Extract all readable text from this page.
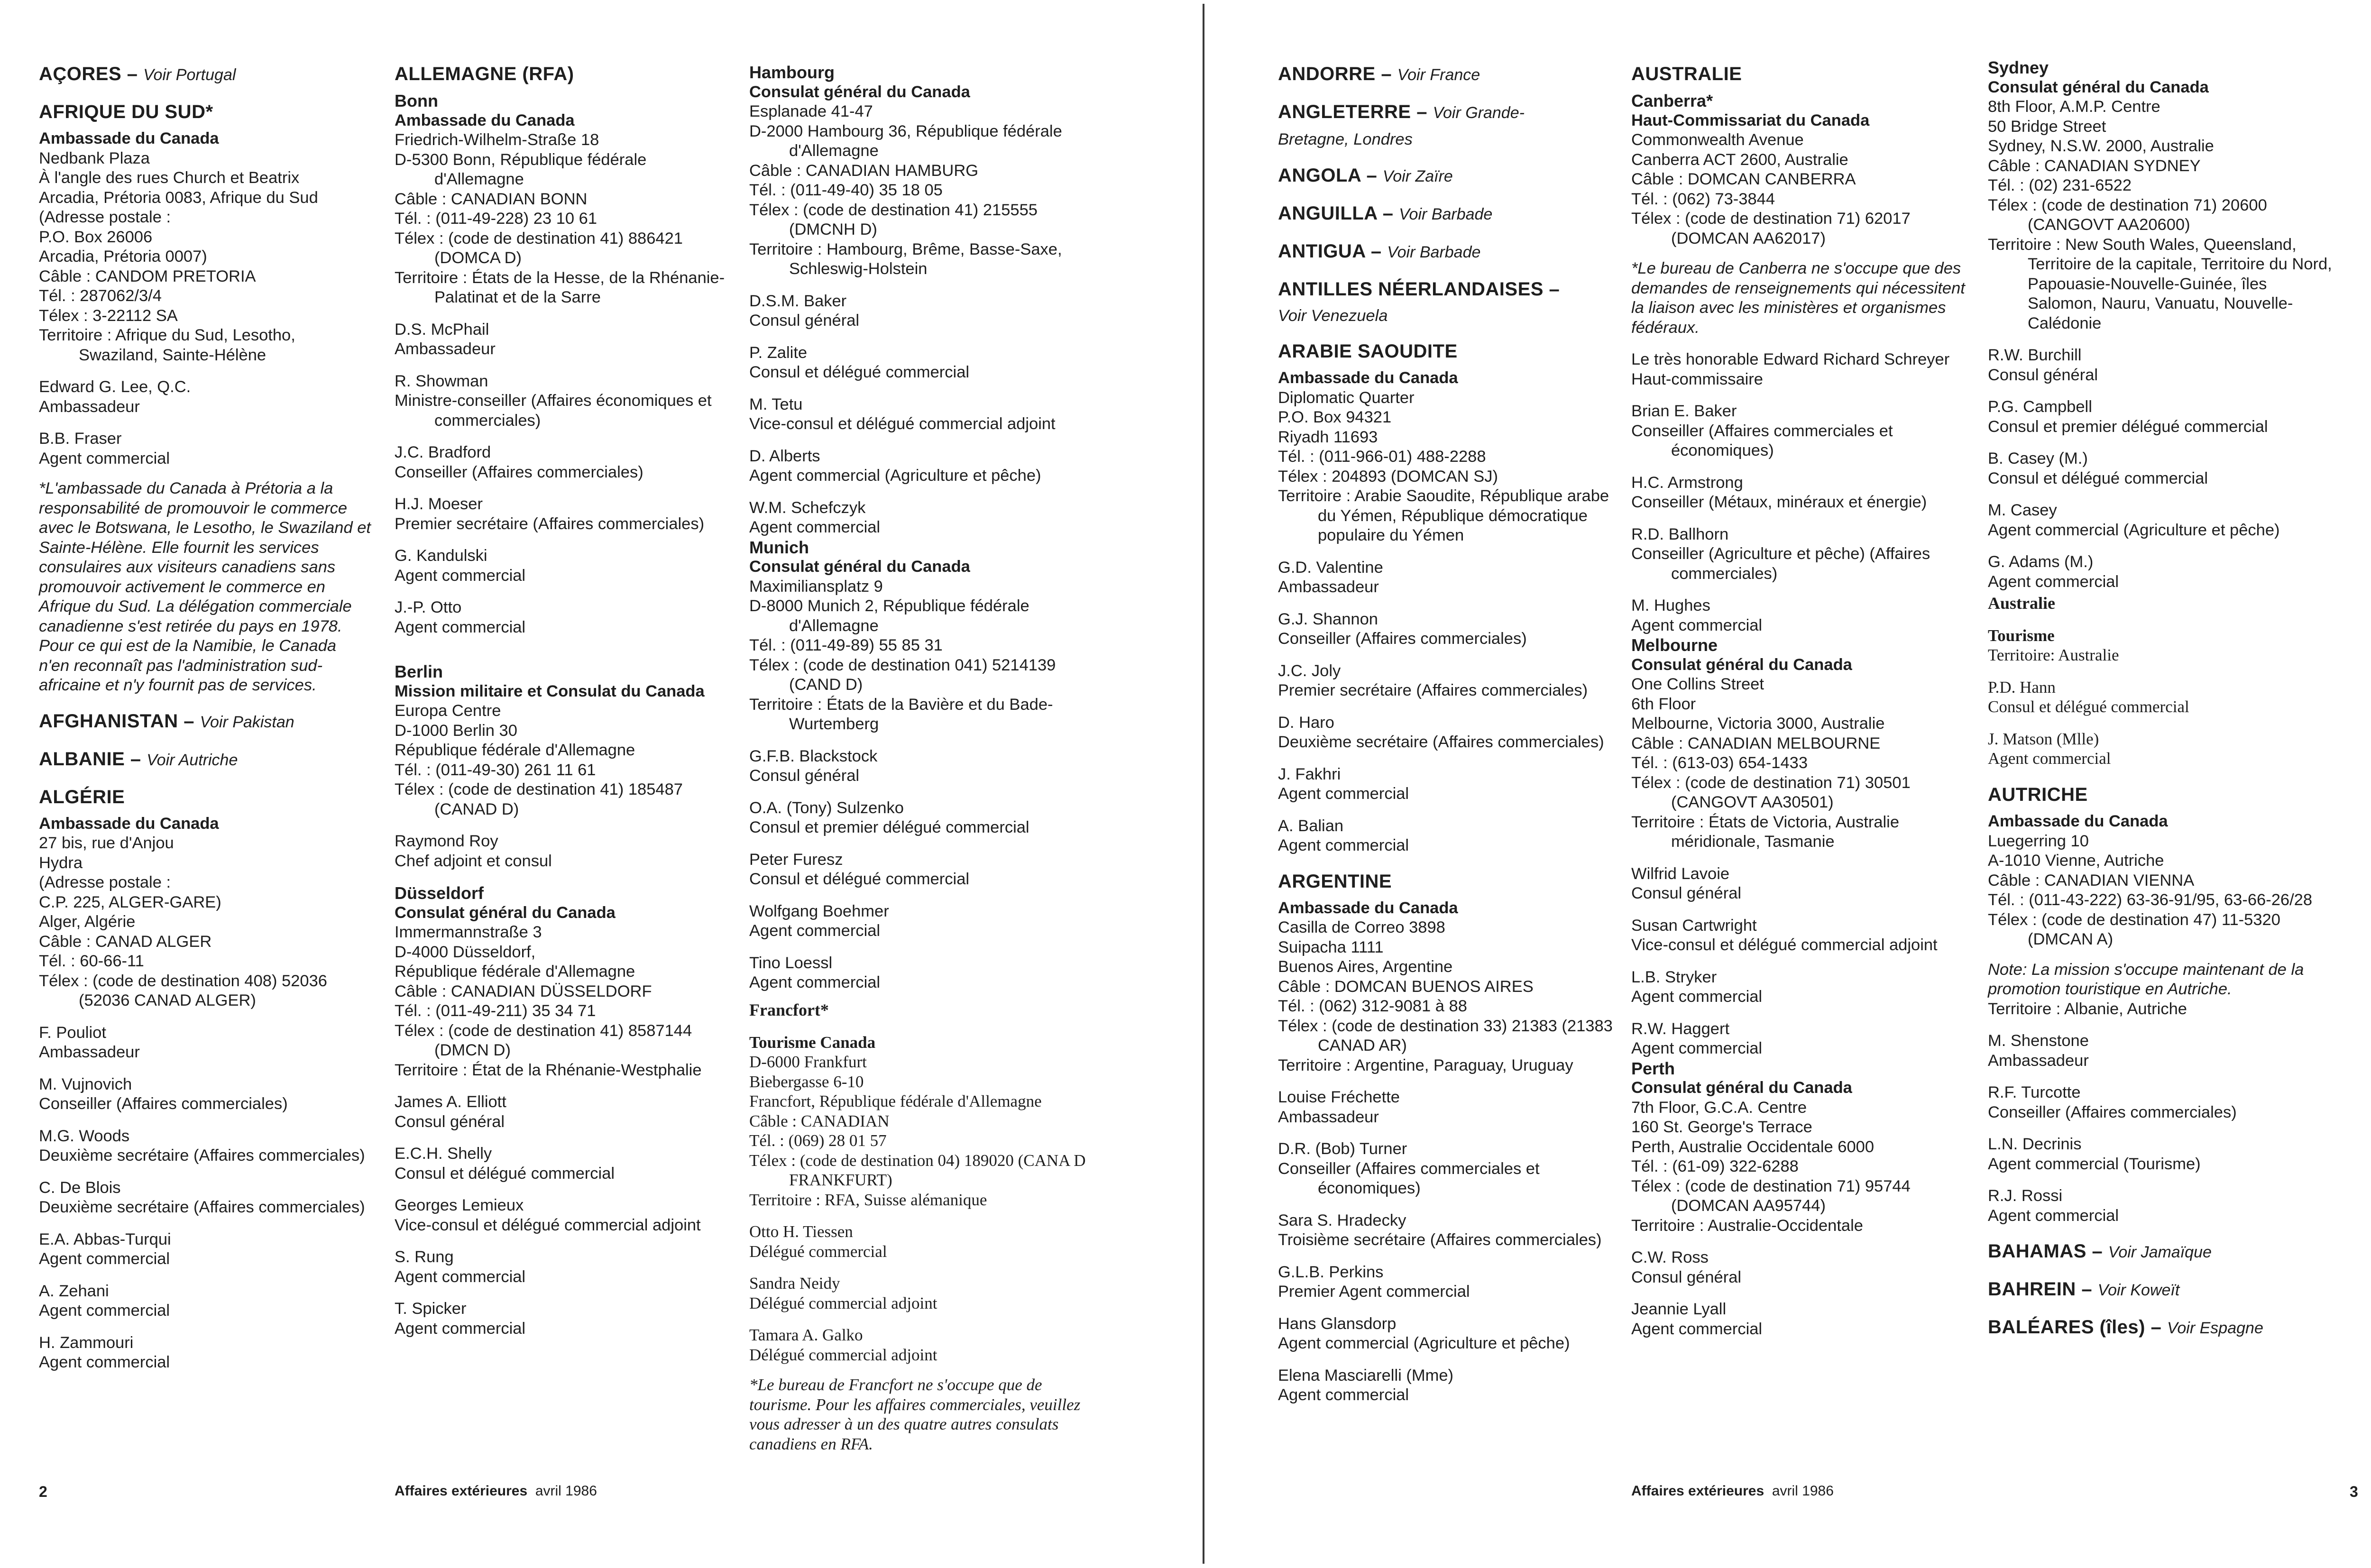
AÇORES – Voir Portugal

AFRIQUE DU SUD*

Ambassade du Canada

Nedbank Plaza

À l'angle des rues Church et Beatrix

Arcadia, Prétoria 0083, Afrique du Sud

(Adresse postale :

P.O. Box 26006

Arcadia, Prétoria 0007)

Câble : CANDOM PRETORIA

Tél. : 287062/3/4

Télex : 3-22112 SA

Territoire : Afrique du Sud, Lesotho, Swaziland, Sainte-Hélène

Edward G. Lee, Q.C.

Ambassadeur

B.B. Fraser

Agent commercial

*L'ambassade du Canada à Prétoria a la responsabilité de promouvoir le commerce avec le Botswana, le Lesotho, le Swaziland et Sainte-Hélène. Elle fournit les services consulaires aux visiteurs canadiens sans promouvoir activement le commerce en Afrique du Sud. La délégation commerciale canadienne s'est retirée du pays en 1978. Pour ce qui est de la Namibie, le Canada n'en reconnaît pas l'administration sud-africaine et n'y fournit pas de services.

AFGHANISTAN – Voir Pakistan

ALBANIE – Voir Autriche

ALGÉRIE

Ambassade du Canada

27 bis, rue d'Anjou

Hydra

(Adresse postale :

C.P. 225, ALGER-GARE)

Alger, Algérie

Câble : CANAD ALGER

Tél. : 60-66-11

Télex : (code de destination 408) 52036 (52036 CANAD ALGER)

F. Pouliot

Ambassadeur

M. Vujnovich

Conseiller (Affaires commerciales)

M.G. Woods

Deuxième secrétaire (Affaires commerciales)

C. De Blois

Deuxième secrétaire (Affaires commerciales)

E.A. Abbas-Turqui

Agent commercial

A. Zehani

Agent commercial

H. Zammouri

Agent commercial

ALLEMAGNE (RFA)

Bonn

Ambassade du Canada

Friedrich-Wilhelm-Straße 18

D-5300 Bonn, République fédérale d'Allemagne

Câble : CANADIAN BONN

Tél. : (011-49-228) 23 10 61

Télex : (code de destination 41) 886421 (DOMCA D)

Territoire : États de la Hesse, de la Rhénanie-Palatinat et de la Sarre

D.S. McPhail

Ambassadeur

R. Showman

Ministre-conseiller (Affaires économiques et commerciales)

J.C. Bradford

Conseiller (Affaires commerciales)

H.J. Moeser

Premier secrétaire (Affaires commerciales)

G. Kandulski

Agent commercial

J.-P. Otto

Agent commercial

Berlin

Mission militaire et Consulat du Canada

Europa Centre

D-1000 Berlin 30

République fédérale d'Allemagne

Tél. : (011-49-30) 261 11 61

Télex : (code de destination 41) 185487 (CANAD D)

Raymond Roy

Chef adjoint et consul

Düsseldorf

Consulat général du Canada

Immermannstraße 3

D-4000 Düsseldorf,

République fédérale d'Allemagne

Câble : CANADIAN DÜSSELDORF

Tél. : (011-49-211) 35 34 71

Télex : (code de destination 41) 8587144 (DMCN D)

Territoire : État de la Rhénanie-Westphalie

James A. Elliott

Consul général

E.C.H. Shelly

Consul et délégué commercial

Georges Lemieux

Vice-consul et délégué commercial adjoint

S. Rung

Agent commercial

T. Spicker

Agent commercial

Hambourg

Consulat général du Canada

Esplanade 41-47

D-2000 Hambourg 36, République fédérale d'Allemagne

Câble : CANADIAN HAMBURG

Tél. : (011-49-40) 35 18 05

Télex : (code de destination 41) 215555 (DMCNH D)

Territoire : Hambourg, Brême, Basse-Saxe, Schleswig-Holstein

D.S.M. Baker

Consul général

P. Zalite

Consul et délégué commercial

M. Tetu

Vice-consul et délégué commercial adjoint

D. Alberts

Agent commercial (Agriculture et pêche)

W.M. Schefczyk

Agent commercial

Munich

Consulat général du Canada

Maximiliansplatz 9

D-8000 Munich 2, République fédérale d'Allemagne

Tél. : (011-49-89) 55 85 31

Télex : (code de destination 041) 5214139 (CAND D)

Territoire : États de la Bavière et du Bade-Wurtemberg

G.F.B. Blackstock

Consul général

O.A. (Tony) Sulzenko

Consul et premier délégué commercial

Peter Furesz

Consul et délégué commercial

Wolfgang Boehmer

Agent commercial

Tino Loessl

Agent commercial

Francfort*

Tourisme Canada

D-6000 Frankfurt

Biebergasse 6-10

Francfort, République fédérale d'Allemagne

Câble : CANADIAN

Tél. : (069) 28 01 57

Télex : (code de destination 04) 189020 (CANA D FRANKFURT)

Territoire : RFA, Suisse alémanique

Otto H. Tiessen

Délégué commercial

Sandra Neidy

Délégué commercial adjoint

Tamara A. Galko

Délégué commercial adjoint

*Le bureau de Francfort ne s'occupe que de tourisme. Pour les affaires commerciales, veuillez vous adresser à un des quatre autres consulats canadiens en RFA.

ANDORRE – Voir France

ANGLETERRE – Voir Grande-

Bretagne, Londres

ANGOLA – Voir Zaïre

ANGUILLA – Voir Barbade

ANTIGUA – Voir Barbade

ANTILLES NÉERLANDAISES –

Voir Venezuela

ARABIE SAOUDITE

Ambassade du Canada

Diplomatic Quarter

P.O. Box 94321

Riyadh 11693

Tél. : (011-966-01) 488-2288

Télex : 204893 (DOMCAN SJ)

Territoire : Arabie Saoudite, République arabe du Yémen, République démocratique populaire du Yémen

G.D. Valentine

Ambassadeur

G.J. Shannon

Conseiller (Affaires commerciales)

J.C. Joly

Premier secrétaire (Affaires commerciales)

D. Haro

Deuxième secrétaire (Affaires commerciales)

J. Fakhri

Agent commercial

A. Balian

Agent commercial

ARGENTINE

Ambassade du Canada

Casilla de Correo 3898

Suipacha 1111

Buenos Aires, Argentine

Câble : DOMCAN BUENOS AIRES

Tél. : (062) 312-9081 à 88

Télex : (code de destination 33) 21383 (21383 CANAD AR)

Territoire : Argentine, Paraguay, Uruguay

Louise Fréchette

Ambassadeur

D.R. (Bob) Turner

Conseiller (Affaires commerciales et économiques)

Sara S. Hradecky

Troisième secrétaire (Affaires commerciales)

G.L.B. Perkins

Premier Agent commercial

Hans Glansdorp

Agent commercial (Agriculture et pêche)

Elena Masciarelli (Mme)

Agent commercial

AUSTRALIE

Canberra*

Haut-Commissariat du Canada

Commonwealth Avenue

Canberra ACT 2600, Australie

Câble : DOMCAN CANBERRA

Tél. : (062) 73-3844

Télex : (code de destination 71) 62017 (DOMCAN AA62017)

*Le bureau de Canberra ne s'occupe que des demandes de renseignements qui nécessitent la liaison avec les ministères et organismes fédéraux.

Le très honorable Edward Richard Schreyer

Haut-commissaire

Brian E. Baker

Conseiller (Affaires commerciales et économiques)

H.C. Armstrong

Conseiller (Métaux, minéraux et énergie)

R.D. Ballhorn

Conseiller (Agriculture et pêche) (Affaires commerciales)

M. Hughes

Agent commercial

Melbourne

Consulat général du Canada

One Collins Street

6th Floor

Melbourne, Victoria 3000, Australie

Câble : CANADIAN MELBOURNE

Tél. : (613-03) 654-1433

Télex : (code de destination 71) 30501 (CANGOVT AA30501)

Territoire : États de Victoria, Australie méridionale, Tasmanie

Wilfrid Lavoie

Consul général

Susan Cartwright

Vice-consul et délégué commercial adjoint

L.B. Stryker

Agent commercial

R.W. Haggert

Agent commercial

Perth

Consulat général du Canada

7th Floor, G.C.A. Centre

160 St. George's Terrace

Perth, Australie Occidentale 6000

Tél. : (61-09) 322-6288

Télex : (code de destination 71) 95744 (DOMCAN AA95744)

Territoire : Australie-Occidentale

C.W. Ross

Consul général

Jeannie Lyall

Agent commercial

Sydney

Consulat général du Canada

8th Floor, A.M.P. Centre

50 Bridge Street

Sydney, N.S.W. 2000, Australie

Câble : CANADIAN SYDNEY

Tél. : (02) 231-6522

Télex : (code de destination 71) 20600 (CANGOVT AA20600)

Territoire : New South Wales, Queensland, Territoire de la capitale, Territoire du Nord, Papouasie-Nouvelle-Guinée, îles Salomon, Nauru, Vanuatu, Nouvelle-Calédonie

R.W. Burchill

Consul général

P.G. Campbell

Consul et premier délégué commercial

B. Casey (M.)

Consul et délégué commercial

M. Casey

Agent commercial (Agriculture et pêche)

G. Adams (M.)

Agent commercial

Australie

Tourisme

Territoire: Australie

P.D. Hann

Consul et délégué commercial

J. Matson (Mlle)

Agent commercial

AUTRICHE

Ambassade du Canada

Luegerring 10

A-1010 Vienne, Autriche

Câble : CANADIAN VIENNA

Tél. : (011-43-222) 63-36-91/95, 63-66-26/28

Télex : (code de destination 47) 11-5320 (DMCAN A)

Note: La mission s'occupe maintenant de la promotion touristique en Autriche.

Territoire : Albanie, Autriche

M. Shenstone

Ambassadeur

R.F. Turcotte

Conseiller (Affaires commerciales)

L.N. Decrinis

Agent commercial (Tourisme)

R.J. Rossi

Agent commercial

BAHAMAS – Voir Jamaïque

BAHREIN – Voir Koweït

BALÉARES (îles) – Voir Espagne

2	Affaires extérieures avril 1986	Affaires extérieures avril 1986	3
